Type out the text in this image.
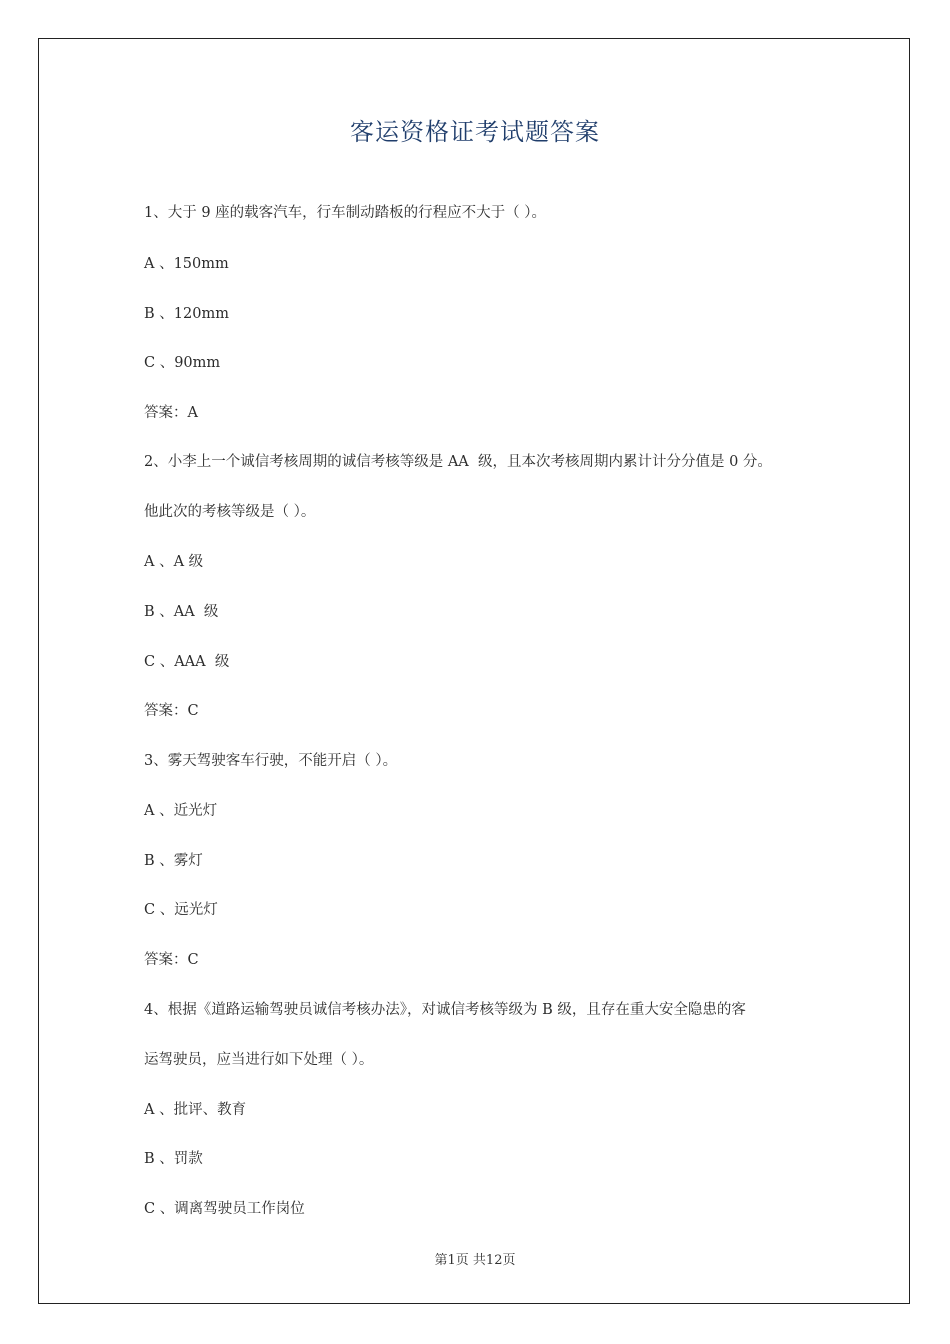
客运资格证考试题答案
1、大于 9 座的载客汽车，行车制动踏板的行程应不大于（ ）。
A 、150mm
B 、120mm
C 、90mm
答案：A
2、小李上一个诚信考核周期的诚信考核等级是 AA  级，且本次考核周期内累计计分分值是 0 分。
他此次的考核等级是（ ）。
A 、A 级
B 、AA  级
C 、AAA  级
答案：C
3、雾天驾驶客车行驶，不能开启（ ）。
A 、近光灯
B 、雾灯
C 、远光灯
答案：C
4、根据《道路运输驾驶员诚信考核办法》，对诚信考核等级为 B 级，且存在重大安全隐患的客
运驾驶员，应当进行如下处理（ ）。
A 、批评、教育
B 、罚款
C 、调离驾驶员工作岗位
第1页 共12页
